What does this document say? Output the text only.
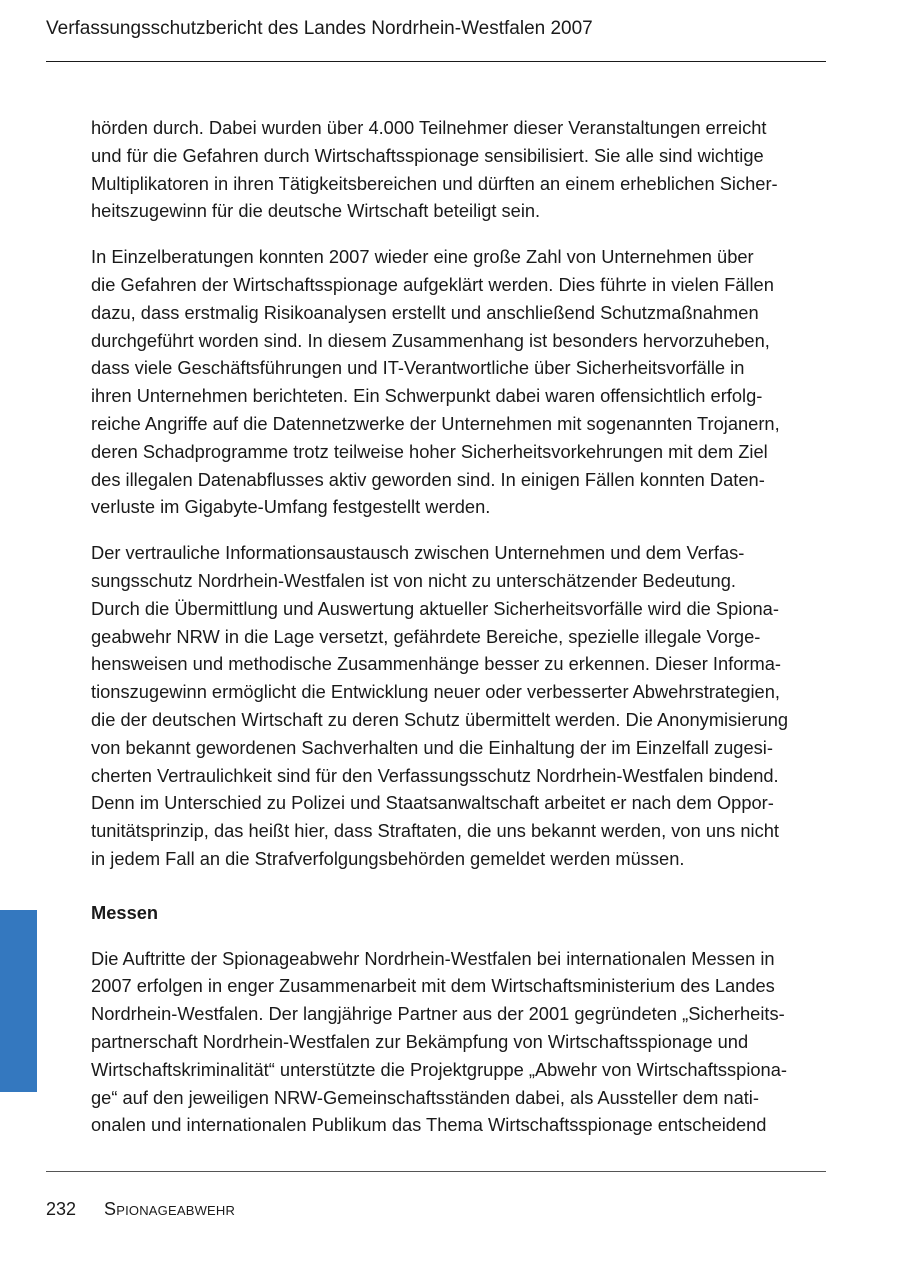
Verfassungsschutzbericht des Landes Nordrhein-Westfalen 2007

hörden durch. Dabei wurden über 4.000 Teilnehmer dieser Veranstaltungen erreicht
und für die Gefahren durch Wirtschaftsspionage sensibilisiert. Sie alle sind wichtige
Multiplikatoren in ihren Tätigkeitsbereichen und dürften an einem erheblichen Sicher-
heitszugewinn für die deutsche Wirtschaft beteiligt sein.

In Einzelberatungen konnten 2007 wieder eine große Zahl von Unternehmen über
die Gefahren der Wirtschaftsspionage aufgeklärt werden. Dies führte in vielen Fällen
dazu, dass erstmalig Risikoanalysen erstellt und anschließend Schutzmaßnahmen
durchgeführt worden sind. In diesem Zusammenhang ist besonders hervorzuheben,
dass viele Geschäftsführungen und IT-Verantwortliche über Sicherheitsvorfälle in
ihren Unternehmen berichteten. Ein Schwerpunkt dabei waren offensichtlich erfolg-
reiche Angriffe auf die Datennetzwerke der Unternehmen mit sogenannten Trojanern,
deren Schadprogramme trotz teilweise hoher Sicherheitsvorkehrungen mit dem Ziel
des illegalen Datenabflusses aktiv geworden sind. In einigen Fällen konnten Daten-
verluste im Gigabyte-Umfang festgestellt werden.

Der vertrauliche Informationsaustausch zwischen Unternehmen und dem Verfas-
sungsschutz Nordrhein-Westfalen ist von nicht zu unterschätzender Bedeutung.
Durch die Übermittlung und Auswertung aktueller Sicherheitsvorfälle wird die Spiona-
geabwehr NRW in die Lage versetzt, gefährdete Bereiche, spezielle illegale Vorge-
hensweisen und methodische Zusammenhänge besser zu erkennen. Dieser Informa-
tionszugewinn ermöglicht die Entwicklung neuer oder verbesserter Abwehrstrategien,
die der deutschen Wirtschaft zu deren Schutz übermittelt werden. Die Anonymisierung
von bekannt gewordenen Sachverhalten und die Einhaltung der im Einzelfall zugesi-
cherten Vertraulichkeit sind für den Verfassungsschutz Nordrhein-Westfalen bindend.
Denn im Unterschied zu Polizei und Staatsanwaltschaft arbeitet er nach dem Oppor-
tunitätsprinzip, das heißt hier, dass Straftaten, die uns bekannt werden, von uns nicht
in jedem Fall an die Strafverfolgungsbehörden gemeldet werden müssen.

Messen

Die Auftritte der Spionageabwehr Nordrhein-Westfalen bei internationalen Messen in
2007 erfolgen in enger Zusammenarbeit mit dem Wirtschaftsministerium des Landes
Nordrhein-Westfalen. Der langjährige Partner aus der 2001 gegründeten „Sicherheits-
partnerschaft Nordrhein-Westfalen zur Bekämpfung von Wirtschaftsspionage und
Wirtschaftskriminalität“ unterstützte die Projektgruppe „Abwehr von Wirtschaftsspiona-
ge“ auf den jeweiligen NRW-Gemeinschaftsständen dabei, als Aussteller dem nati-
onalen und internationalen Publikum das Thema Wirtschaftsspionage entscheidend

232 Spionageabwehr
